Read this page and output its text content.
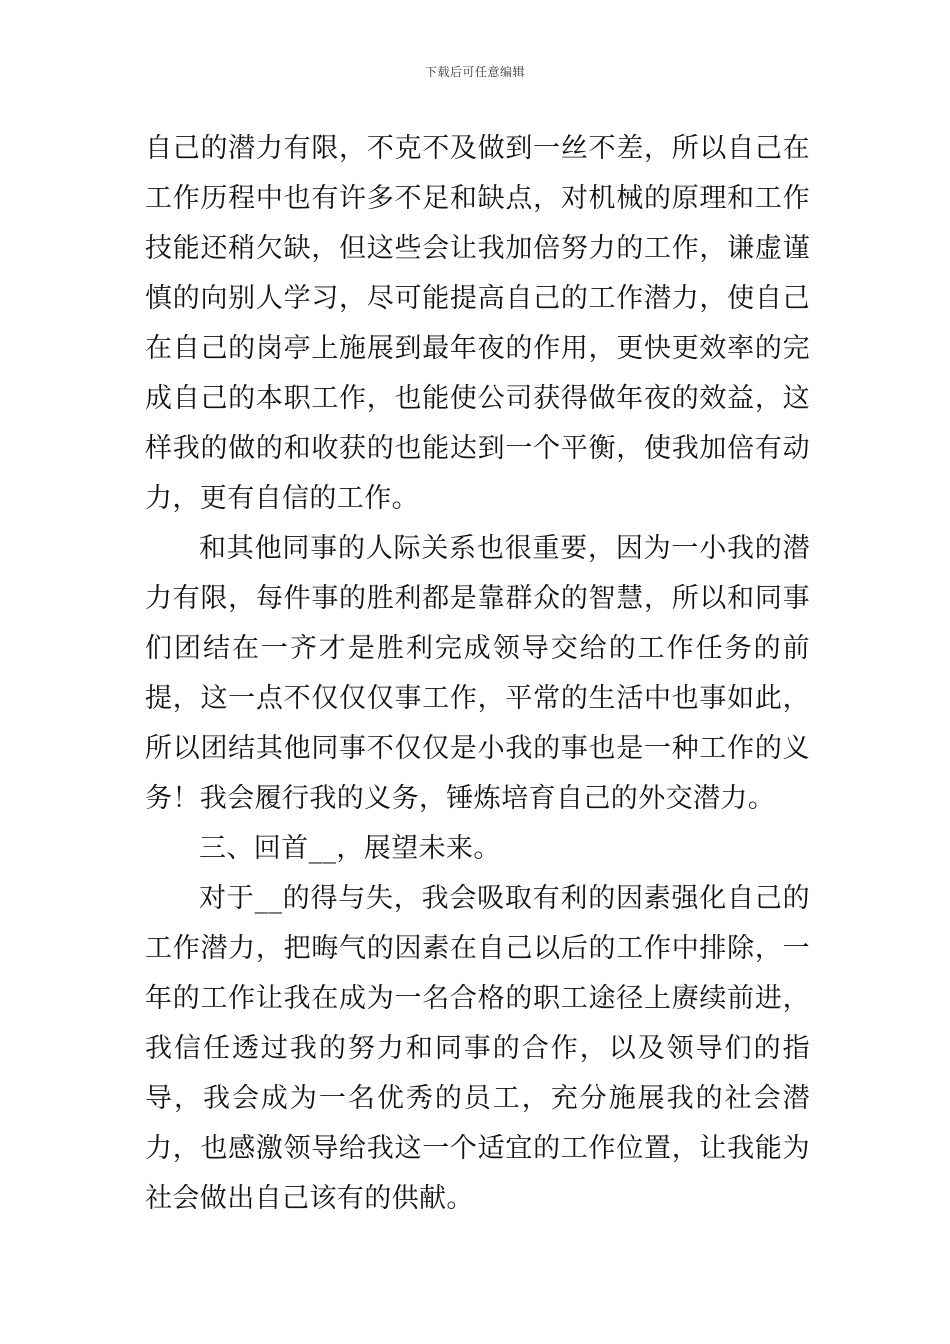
下载后可任意编辑

自己的潜力有限，不克不及做到一丝不差，所以自己在工作历程中也有许多不足和缺点，对机械的原理和工作技能还稍欠缺，但这些会让我加倍努力的工作，谦虚谨慎的向别人学习，尽可能提高自己的工作潜力，使自己在自己的岗亭上施展到最年夜的作用，更快更效率的完成自己的本职工作，也能使公司获得做年夜的效益，这样我的做的和收获的也能达到一个平衡，使我加倍有动力，更有自信的工作。

和其他同事的人际关系也很重要，因为一小我的潜力有限，每件事的胜利都是靠群众的智慧，所以和同事们团结在一齐才是胜利完成领导交给的工作任务的前提，这一点不仅仅仅事工作，平常的生活中也事如此，所以团结其他同事不仅仅是小我的事也是一种工作的义务！我会履行我的义务，锤炼培育自己的外交潜力。

三、回首__，展望未来。

对于__的得与失，我会吸取有利的因素强化自己的工作潜力，把晦气的因素在自己以后的工作中排除，一年的工作让我在成为一名合格的职工途径上赓续前进，我信任透过我的努力和同事的合作，以及领导们的指导，我会成为一名优秀的员工，充分施展我的社会潜力，也感激领导给我这一个适宜的工作位置，让我能为社会做出自己该有的供献。
